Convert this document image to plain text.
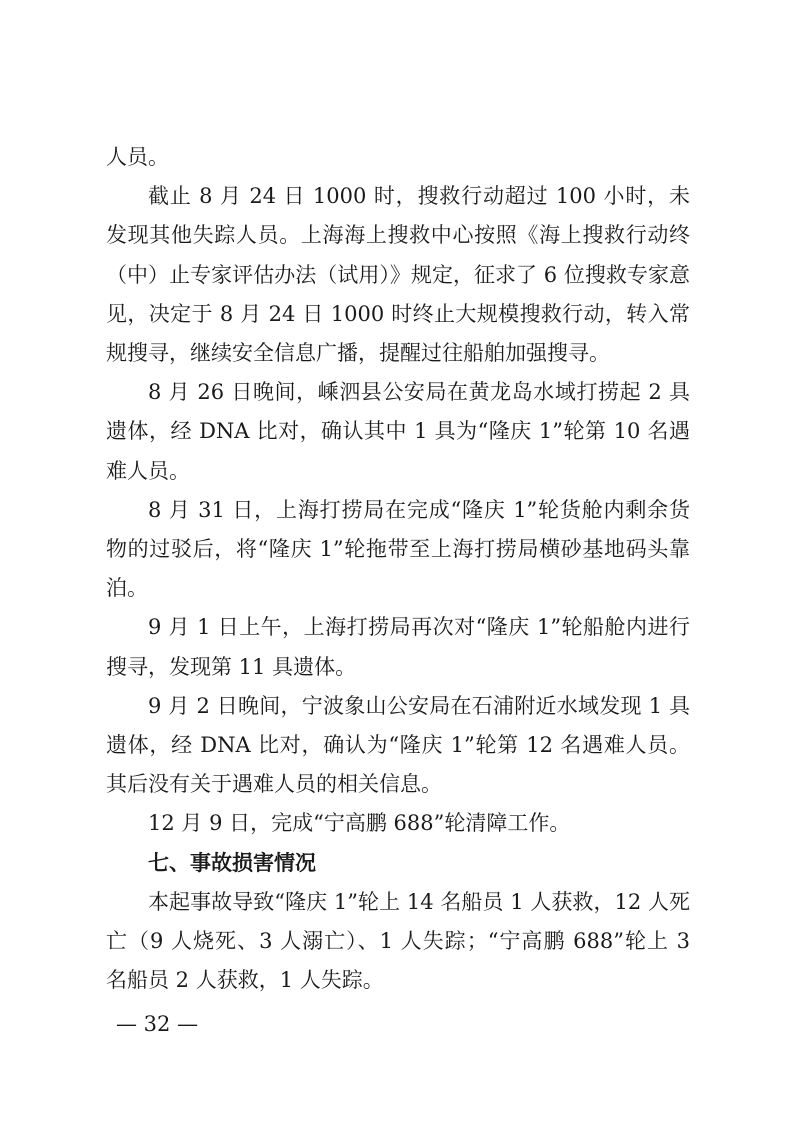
人员。

截止 8 月 24 日 1000 时，搜救行动超过 100 小时，未发现其他失踪人员。上海海上搜救中心按照《海上搜救行动终（中）止专家评估办法（试用）》规定，征求了 6 位搜救专家意见，决定于 8 月 24 日 1000 时终止大规模搜救行动，转入常规搜寻，继续安全信息广播，提醒过往船舶加强搜寻。

8 月 26 日晚间，嵊泗县公安局在黄龙岛水域打捞起 2 具遗体，经 DNA 比对，确认其中 1 具为“隆庆 1”轮第 10 名遇难人员。

8 月 31 日，上海打捞局在完成“隆庆 1”轮货舱内剩余货物的过驳后，将“隆庆 1”轮拖带至上海打捞局横砂基地码头靠泊。

9 月 1 日上午，上海打捞局再次对“隆庆 1”轮船舱内进行搜寻，发现第 11 具遗体。

9 月 2 日晚间，宁波象山公安局在石浦附近水域发现 1 具遗体，经 DNA 比对，确认为“隆庆 1”轮第 12 名遇难人员。其后没有关于遇难人员的相关信息。

12 月 9 日，完成“宁高鹏 688”轮清障工作。

七、事故损害情况

本起事故导致“隆庆 1”轮上 14 名船员 1 人获救，12 人死亡（9 人烧死、3 人溺亡）、1 人失踪；“宁高鹏 688”轮上 3 名船员 2 人获救，1 人失踪。

— 32 —
